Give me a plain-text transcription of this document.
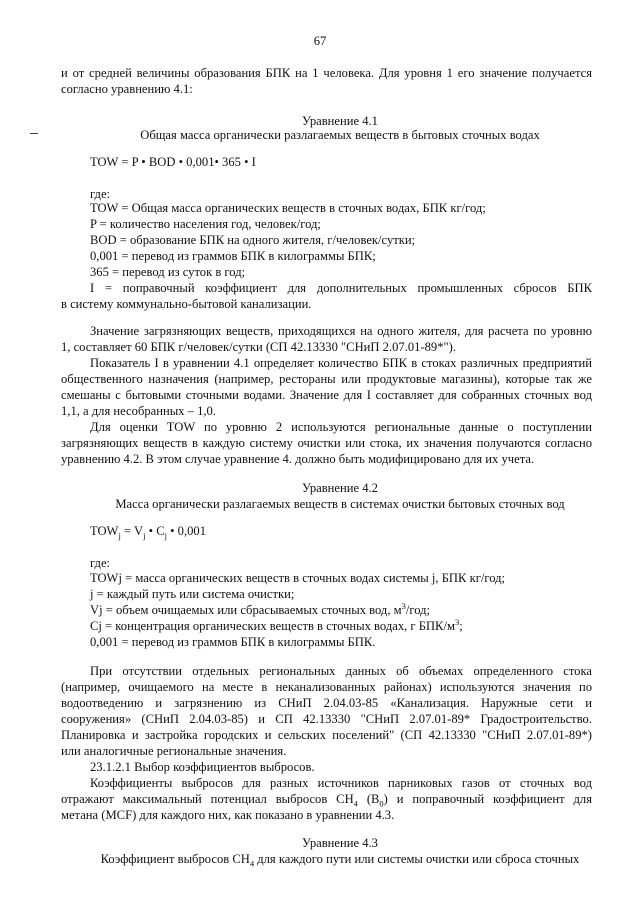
67
и от средней величины образования БПК на 1 человека. Для уровня 1 его значение получается
согласно уравнению 4.1:
Уравнение 4.1
Общая масса органически разлагаемых веществ в бытовых сточных водах
TOW = P • BOD • 0,001• 365 • I
где:
TOW = Общая масса органических веществ в сточных водах, БПК кг/год;
P = количество населения год, человек/год;
BOD = образование БПК на одного жителя, г/человек/сутки;
0,001 = перевод из граммов БПК в килограммы БПК;
365 = перевод из суток в год;
I = поправочный коэффициент для дополнительных промышленных сбросов БПК
в систему коммунально-бытовой канализации.
Значение загрязняющих веществ, приходящихся на одного жителя, для расчета по уровню
1, составляет 60 БПК г/человек/сутки (СП 42.13330 "СНиП 2.07.01-89*").
Показатель I в уравнении 4.1 определяет количество БПК в стоках различных предприятий
общественного назначения (например, рестораны или продуктовые магазины), которые так же
смешаны с бытовыми сточными водами. Значение для I составляет для собранных сточных вод
1,1, а для несобранных – 1,0.
Для оценки TOW по уровню 2 используются региональные данные о поступлении
загрязняющих веществ в каждую систему очистки или стока, их значения получаются согласно
уравнению 4.2. В этом случае уравнение 4. должно быть модифицировано для их учета.
Уравнение 4.2
Масса органически разлагаемых веществ в системах очистки бытовых сточных вод
$TOW_j = V_j$ • $C_j$ • 0,001
где:
TOWj = масса органических веществ в сточных водах системы j, БПК кг/год;
j = каждый путь или система очистки;
Vj = объем очищаемых или сбрасываемых сточных вод, $м^3$/год;
Cj = концентрация органических веществ в сточных водах, г БПК/$м^3$;
0,001 = перевод из граммов БПК в килограммы БПК.
При отсутствии отдельных региональных данных об объемах определенного стока
(например, очищаемого на месте в неканализованных районах) используются значения по
водоотведению и загрязнению из СНиП 2.04.03-85 «Канализация. Наружные сети и
сооружения» (СНиП 2.04.03-85) и СП 42.13330 "СНиП 2.07.01-89* Градостроительство.
Планировка и застройка городских и сельских поселений" (СП 42.13330 "СНиП 2.07.01-89*)
или аналогичные региональные значения.
23.1.2.1 Выбор коэффициентов выбросов.
Коэффициенты выбросов для разных источников парниковых газов от сточных вод
отражают максимальный потенциал выбросов $CH_4$ $(B_0)$ и поправочный коэффициент для
метана (MCF) для каждого них, как показано в уравнении 4.3.
Уравнение 4.3
Коэффициент выбросов $CH_4$ для каждого пути или системы очистки или сброса сточных
